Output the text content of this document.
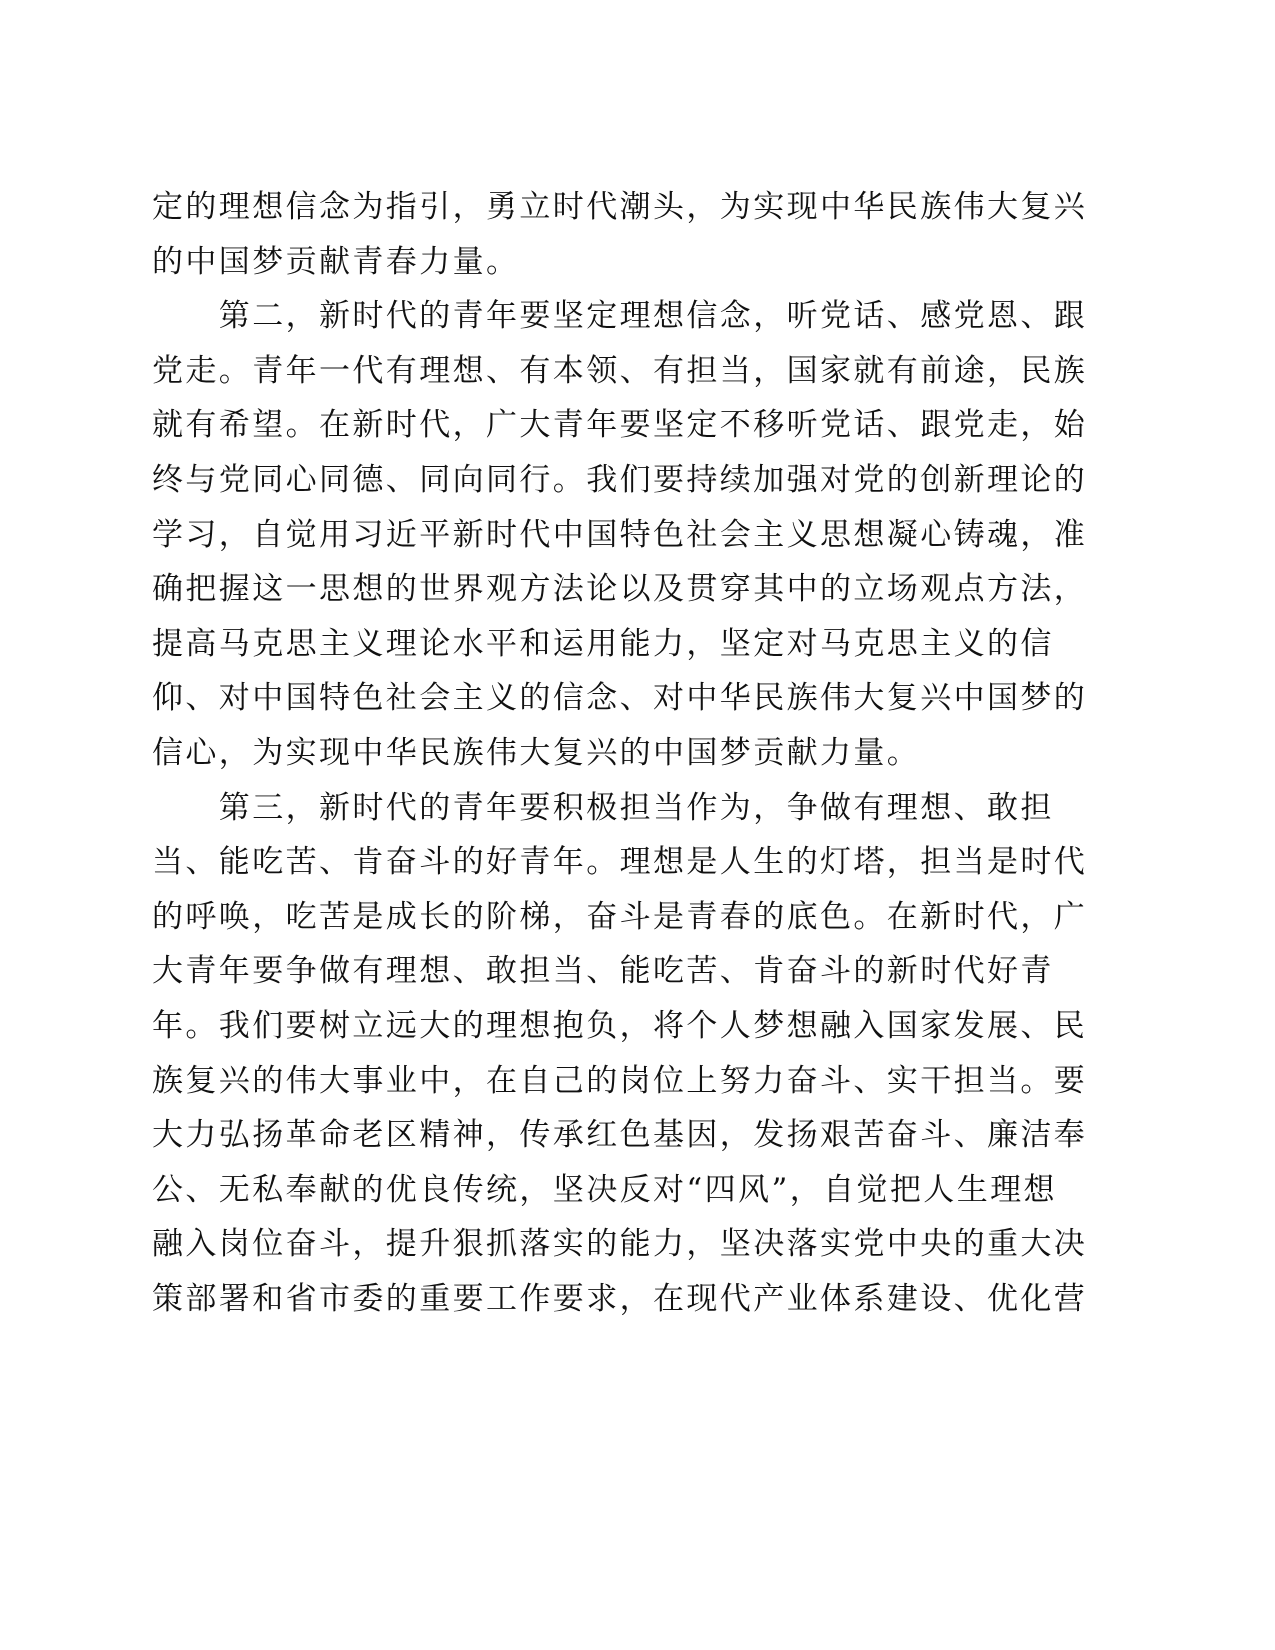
定的理想信念为指引，勇立时代潮头，为实现中华民族伟大复兴
的中国梦贡献青春力量。
　　第二，新时代的青年要坚定理想信念，听党话、感党恩、跟
党走。青年一代有理想、有本领、有担当，国家就有前途，民族
就有希望。在新时代，广大青年要坚定不移听党话、跟党走，始
终与党同心同德、同向同行。我们要持续加强对党的创新理论的
学习，自觉用习近平新时代中国特色社会主义思想凝心铸魂，准
确把握这一思想的世界观方法论以及贯穿其中的立场观点方法，
提高马克思主义理论水平和运用能力，坚定对马克思主义的信
仰、对中国特色社会主义的信念、对中华民族伟大复兴中国梦的
信心，为实现中华民族伟大复兴的中国梦贡献力量。
　　第三，新时代的青年要积极担当作为，争做有理想、敢担
当、能吃苦、肯奋斗的好青年。理想是人生的灯塔，担当是时代
的呼唤，吃苦是成长的阶梯，奋斗是青春的底色。在新时代，广
大青年要争做有理想、敢担当、能吃苦、肯奋斗的新时代好青
年。我们要树立远大的理想抱负，将个人梦想融入国家发展、民
族复兴的伟大事业中，在自己的岗位上努力奋斗、实干担当。要
大力弘扬革命老区精神，传承红色基因，发扬艰苦奋斗、廉洁奉
公、无私奉献的优良传统，坚决反对“四风”，自觉把人生理想
融入岗位奋斗，提升狠抓落实的能力，坚决落实党中央的重大决
策部署和省市委的重要工作要求，在现代产业体系建设、优化营
